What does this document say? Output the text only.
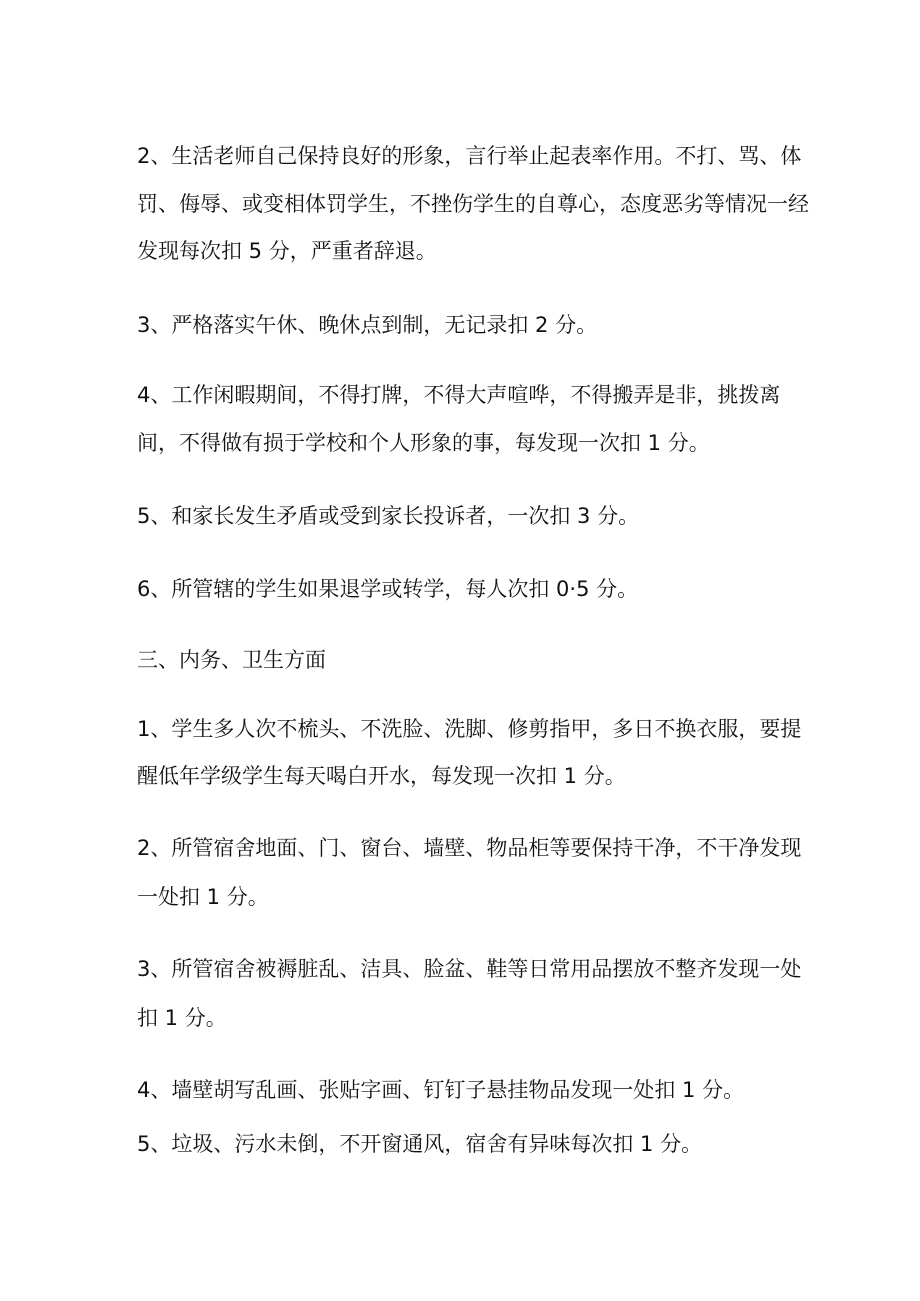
2、生活老师自己保持良好的形象，言行举止起表率作用。不打、骂、体
罚、侮辱、或变相体罚学生，不挫伤学生的自尊心，态度恶劣等情况一经
发现每次扣 5 分，严重者辞退。
3、严格落实午休、晚休点到制，无记录扣 2 分。
4、工作闲暇期间，不得打牌，不得大声喧哗，不得搬弄是非，挑拨离
间，不得做有损于学校和个人形象的事，每发现一次扣 1 分。
5、和家长发生矛盾或受到家长投诉者，一次扣 3 分。
6、所管辖的学生如果退学或转学，每人次扣 0·5 分。
三、内务、卫生方面
1、学生多人次不梳头、不洗脸、洗脚、修剪指甲，多日不换衣服，要提
醒低年学级学生每天喝白开水，每发现一次扣 1 分。
2、所管宿舍地面、门、窗台、墙壁、物品柜等要保持干净，不干净发现
一处扣 1 分。
3、所管宿舍被褥脏乱、洁具、脸盆、鞋等日常用品摆放不整齐发现一处
扣 1 分。
4、墙壁胡写乱画、张贴字画、钉钉子悬挂物品发现一处扣 1 分。
5、垃圾、污水未倒，不开窗通风，宿舍有异味每次扣 1 分。
